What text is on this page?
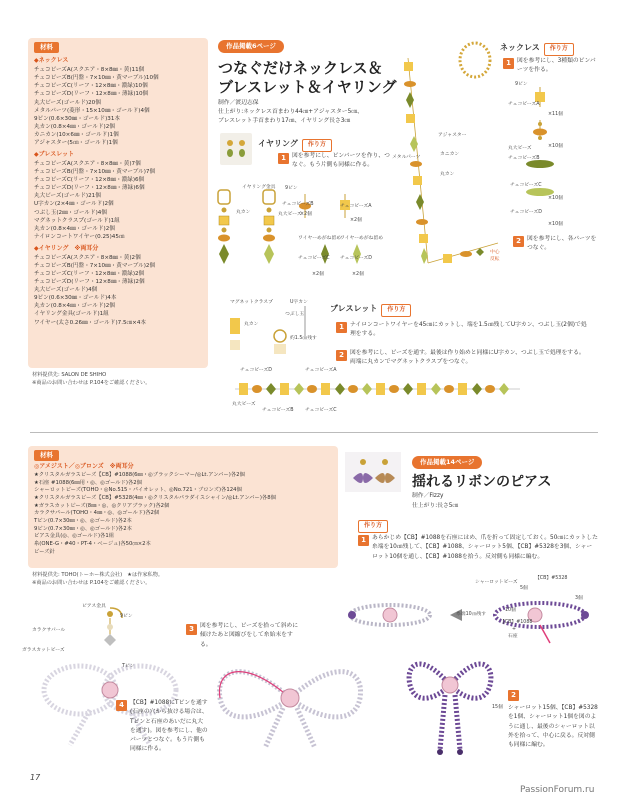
材料
◆ネックレス
チェコビーズA(スクエア・8×8㎜・黄)11個
チェコビーズB(円盤・7×10㎜・黄マーブル)10個
チェコビーズC(リーフ・12×8㎜・濃緑)10個
チェコビーズD(リーフ・12×8㎜・薄緑)10個
丸大ビーズ(ゴールド)20個
メタルパーツ(菱形・15×10㎜・ゴールド)4個
9ピン(0.6×30㎜・ゴールド)31本
丸カン(0.8×4㎜・ゴールド)2個
カニカン(10×6㎜・ゴールド)1個
アジャスター(5㎝・ゴールド)1個
◆ブレスレット
チェコビーズA(スクエア・8×8㎜・黄)7個
チェコビーズB(円盤・7×10㎜・黄マーブル)7個
チェコビーズC(リーフ・12×8㎜・濃緑)6個
チェコビーズD(リーフ・12×8㎜・薄緑)6個
丸大ビーズ(ゴールド)21個
U字カン(2×4㎜・ゴールド)2個
つぶし玉(2㎜・ゴールド)4個
マグネットクラスプ(ゴールド)1組
丸カン(0.8×4㎜・ゴールド)2個
ナイロンコートワイヤー(0.25)45㎝
◆イヤリング　※両耳分
チェコビーズA(スクエア・8×8㎜・黄)2個
チェコビーズB(円盤・7×10㎜・黄マーブル)2個
チェコビーズC(リーフ・12×8㎜・濃緑)2個
チェコビーズD(リーフ・12×8㎜・薄緑)2個
丸大ビーズ(ゴールド)4個
9ピン(0.6×30㎜・ゴールド)4本
丸カン(0.8×4㎜・ゴールド)2個
イヤリング金具(ゴールド)1組
ワイヤー(太さ0.26㎜・ゴールド)7.5㎝×4本
材料提供先: SALON DE SHIHO
※商品のお問い合わせは P.104をご確認ください。
作品掲載6ページ
つなぐだけネックレス＆
ブレスレット＆イヤリング
制作／渡辺志保
仕上がり:ネックレス首まわり44㎝+アジャスター5㎝、
ブレスレット手首まわり17㎝、イヤリング長さ3㎝
イヤリング 作り方
1	図を参考にし、ピンパーツを作り、つなぐ。もう片側も同様に作る。
イヤリング金具 9ピン
チェコビーズB
丸大ビーズ
チェコビーズA
丸カン
ワイヤーめがね留め
ワイヤーめがね留め
チェコビーズC チェコビーズD
×2個
×2個
×2個	×2個
ネックレス 作り方
1	図を参考にし、3種類のピンパーツを作る。
2	図を参考にし、各パーツをつなぐ。
9ピン
チェコビーズA
×11個
丸大ビーズ
チェコビーズB
×10個
チェコビーズC
チェコビーズD
×10個
×10個
アジャスター
カニカン
メタルパーツ
丸カン
中心
反転
ブレスレット 作り方
1	ナイロンコートワイヤーを45㎝にカットし、端を1.5㎝残してU字カン、つぶし玉(2個)で処理をする。
2	図を参考にし、ビーズを通す。最後は作り始めと同様にU字カン、つぶし玉で処理をする。両端に丸カンでマグネットクラスプをつなぐ。
マグネットクラスプ	U字カン
つぶし玉
丸カン
約1.5㎝残す
チェコビーズD	チェコビーズA
丸大ビーズ
チェコビーズB チェコビーズC
材料
◎アメジスト／◎ブロンズ　※両耳分
★クリスタルガラスビーズ【CB】#1088(6㎜・◎ブラックシーマー/◎Lt.アンバー)各2個
★石座 #1088(6㎜用・◎、◎ゴールド)各2個
シャーロットビーズ(TOHO・◎No.515・パイオレット、◎No.721・ブロンズ)各124個
★クリスタルガラスビーズ【CB】#5328(4㎜・◎クリスタルパラダイスシャイン/◎Lt.アンバー)各8個
★ガラスカットビーズ(8㎜・◎、◎クリアブラック)各2個
カラクサパール(TOHO・4㎜・◎、◎ゴールド)各2個
Tピン(0.7×30㎜・◎、◎ゴールド)各2本
9ピン(0.7×30㎜・◎、◎ゴールド)各2本
ピアス金具(◎、◎ゴールド)各1組
糸(ONE-G・#40・PT-4・ベージュ)各50㎝×2本
ビーズ針
材料提供先: TOHO(トーホー株式会社)　★は作家私物。
※商品のお問い合わせは P.104をご確認ください。
作品掲載14ページ
揺れるリボンのピアス
制作／Fizzy
仕上がり:長さ5㎝
作り方
1	あらかじめ【CB】#1088を石座にはめ、爪を折って固定しておく。50㎝にカットした糸端を10㎝残して、【CB】#1088、シャーロット5個、【CB】#5328を3個、シャーロット10個を通し、【CB】#1088を拾う。反対側も同様に編む。
シャーロットビーズ
【CB】#5328
5個
3個
10個
糸端10㎝残す
【CB】#1088
+
石座
ピアス金具
9ピン
カラクサパール
ガラスカットビーズ
Tピン
4	【CB】#1088にTピンを通す(石座の穴から抜ける場合は、Tピンと石座のあいだに丸大を通す)。図を参考にし、他のパーツとつなぐ。もう片側も同様に作る。
3	図を参考にし、ビーズを拾って斜めに傾けたあと図縮びをして糸始末をする。
15個
2
シャーロット15個、【CB】#5328を1個、シャーロット1個を図のように通し、最後のシャーロット以外を拾って、中心に戻る。反対側も同様に編む。
17
PassionForum.ru
